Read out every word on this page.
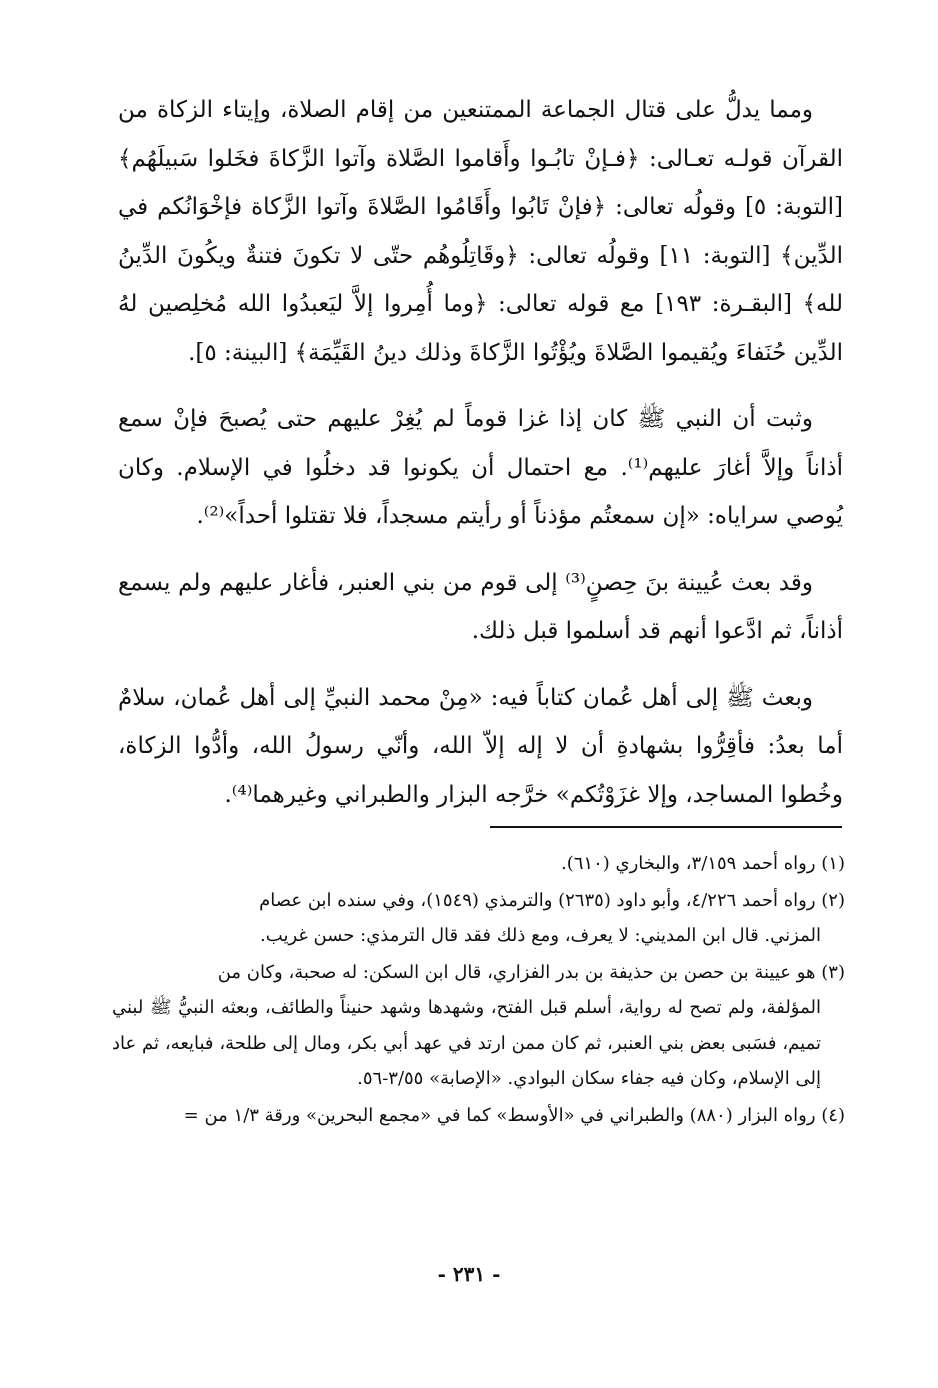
ومما يدلُّ على قتال الجماعة الممتنعين من إقام الصلاة، وإيتاء الزكاة من القرآن قولـه تعـالى: ﴿فـإنْ تابُـوا وأَقاموا الصَّلاة وآتوا الزَّكاةَ فخَلوا سَبيلَهُم﴾ [التوبة: ٥] وقولُه تعالى: ﴿فإنْ تَابُوا وأَقَامُوا الصَّلاةَ وآتوا الزَّكاة فإخْوَانُكم في الدِّين﴾ [التوبة: ١١] وقولُه تعالى: ﴿وقَاتِلُوهُم حتّى لا تكونَ فتنةٌ ويكُونَ الدِّينُ لله﴾ [البقـرة: ١٩٣] مع قوله تعالى: ﴿وما أُمِروا إلاَّ ليَعبدُوا الله مُخلِصين لهُ الدِّين حُنَفاءَ ويُقيموا الصَّلاةَ ويُؤْتُوا الزَّكاةَ وذلك دينُ القَيِّمَة﴾ [البينة: ٥].

وثبت أن النبي ﷺ كان إذا غزا قوماً لم يُغِرْ عليهم حتى يُصبحَ فإنْ سمع أذاناً وإلاَّ أغارَ عليهم⁽¹⁾. مع احتمال أن يكونوا قد دخلُوا في الإسلام. وكان يُوصي سراياه: «إن سمعتُم مؤذناً أو رأيتم مسجداً، فلا تقتلوا أحداً»⁽²⁾.

وقد بعث عُيينة بنَ حِصنٍ⁽³⁾ إلى قوم من بني العنبر، فأغار عليهم ولم يسمع أذاناً، ثم ادَّعوا أنهم قد أسلموا قبل ذلك.

وبعث ﷺ إلى أهل عُمان كتاباً فيه: «مِنْ محمد النبيِّ إلى أهل عُمان، سلامٌ أما بعدُ: فأقِرُّوا بشهادةِ أن لا إله إلاّ الله، وأنّي رسولُ الله، وأدُّوا الزكاة، وخُطوا المساجد، وإلا غزَوْتُكم» خرَّجه البزار والطبراني وغيرهما⁽⁴⁾.

(١) رواه أحمد ٣/١٥٩، والبخاري (٦١٠).

(٢) رواه أحمد ٤/٢٢٦، وأبو داود (٢٦٣٥) والترمذي (١٥٤٩)، وفي سنده ابن عصام
المزني. قال ابن المديني: لا يعرف، ومع ذلك فقد قال الترمذي: حسن غريب.

(٣) هو عيينة بن حصن بن حذيفة بن بدر الفزاري، قال ابن السكن: له صحبة، وكان من
المؤلفة، ولم تصح له رواية، أسلم قبل الفتح، وشهدها وشهد حنيناً والطائف، وبعثه النبيُّ ﷺ لبني تميم، فسَبى بعض بني العنبر، ثم كان ممن ارتد في عهد أبي بكر، ومال إلى طلحة، فبايعه، ثم عاد إلى الإسلام، وكان فيه جفاء سكان البوادي. «الإصابة» ٣/٥٥-٥٦.

(٤) رواه البزار (٨٨٠) والطبراني في «الأوسط» كما في «مجمع البحرين» ورقة ١/٣ من =

- ٢٣١ -
